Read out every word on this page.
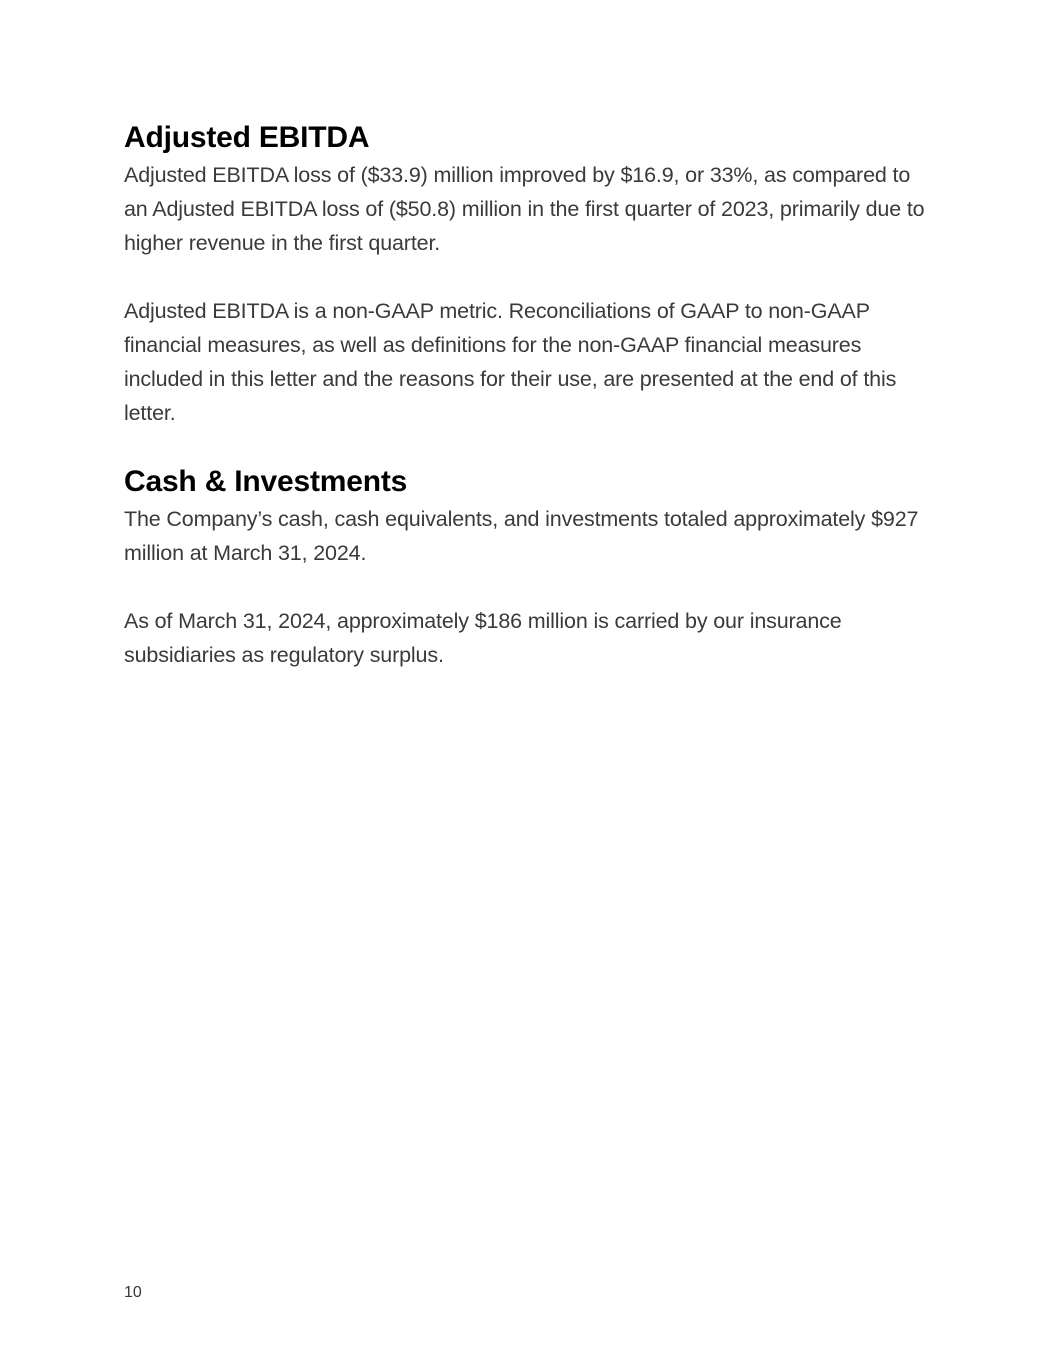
Adjusted EBITDA

Adjusted EBITDA loss of ($33.9) million improved by $16.9, or 33%, as compared to an Adjusted EBITDA loss of ($50.8) million in the first quarter of 2023, primarily due to higher revenue in the first quarter.

Adjusted EBITDA is a non-GAAP metric. Reconciliations of GAAP to non-GAAP financial measures, as well as definitions for the non-GAAP financial measures included in this letter and the reasons for their use, are presented at the end of this letter.

Cash & Investments

The Company’s cash, cash equivalents, and investments totaled approximately $927 million at March 31, 2024.

As of March 31, 2024, approximately $186 million is carried by our insurance subsidiaries as regulatory surplus.

10
